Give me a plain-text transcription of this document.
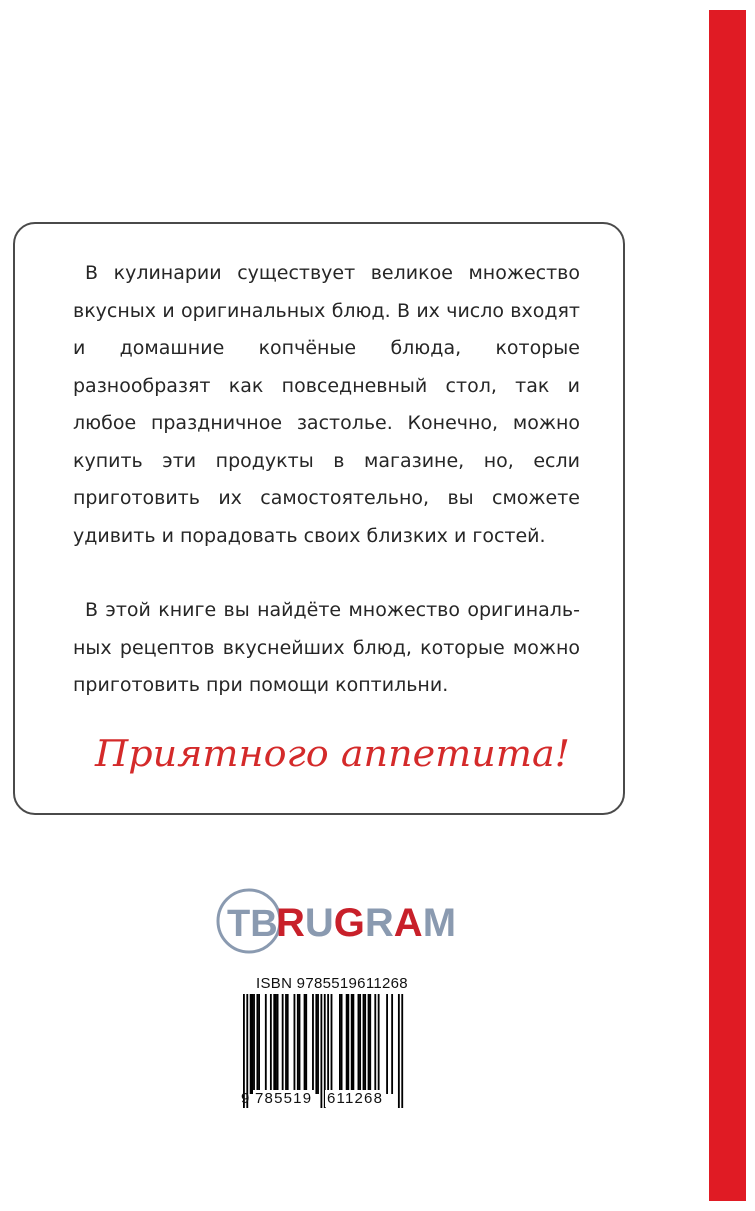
В кулинарии существует великое множество вкусных и оригинальных блюд. В их число входят и домашние копчёные блюда, которые разнообразят как повседневный стол, так и любое праздничное застолье. Конечно, можно купить эти продукты в магазине, но, если приготовить их самостоятельно, вы сможете удивить и порадовать своих близких и гостей.

В этой книге вы найдёте множество оригинальных рецептов вкуснейших блюд, которые можно приготовить при помощи коптильни.

Приятного аппетита!
TB
RUGRAM
ISBN 9785519611268
9 785519 611268
